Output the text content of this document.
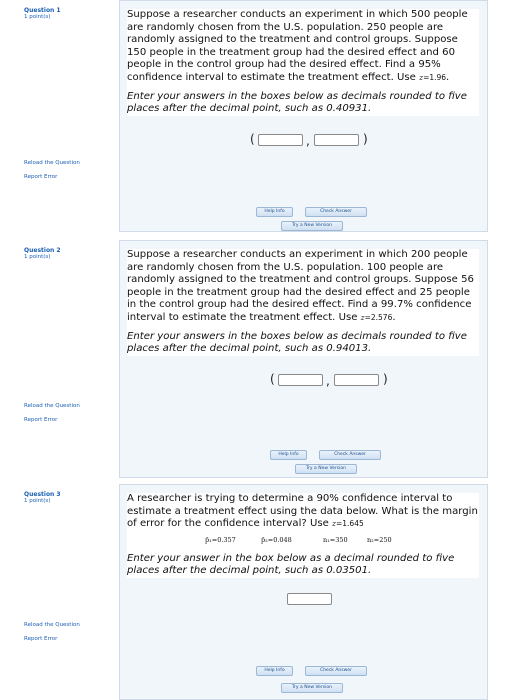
Question 1
1 point(s)
Reload the Question
Report Error
Suppose a researcher conducts an experiment in which 500 people are randomly chosen from the U.S. population. 250 people are randomly assigned to the treatment and control groups. Suppose 150 people in the treatment group had the desired effect and 60 people in the control group had the desired effect. Find a 95% confidence interval to estimate the treatment effect. Use z=1.96.
Enter your answers in the boxes below as decimals rounded to five places after the decimal point, such as 0.40931.
(	,	)
Help Info	Check Answer
Try a New Version
Question 2
1 point(s)
Reload the Question
Report Error
Suppose a researcher conducts an experiment in which 200 people are randomly chosen from the U.S. population. 100 people are randomly assigned to the treatment and control groups. Suppose 56 people in the treatment group had the desired effect and 25 people in the control group had the desired effect. Find a 99.7% confidence interval to estimate the treatment effect. Use z=2.576.
Enter your answers in the boxes below as decimals rounded to five places after the decimal point, such as 0.94013.
(	,	)
Help Info	Check Answer
Try a New Version
Question 3
1 point(s)
Reload the Question
Report Error
A researcher is trying to determine a 90% confidence interval to estimate a treatment effect using the data below. What is the margin of error for the confidence interval? Use z=1.645
p̄₁=0.357	p̄₂=0.048	n₁=350	n₂=250
Enter your answer in the box below as a decimal rounded to five places after the decimal point, such as 0.03501.
Help Info	Check Answer
Try a New Version
